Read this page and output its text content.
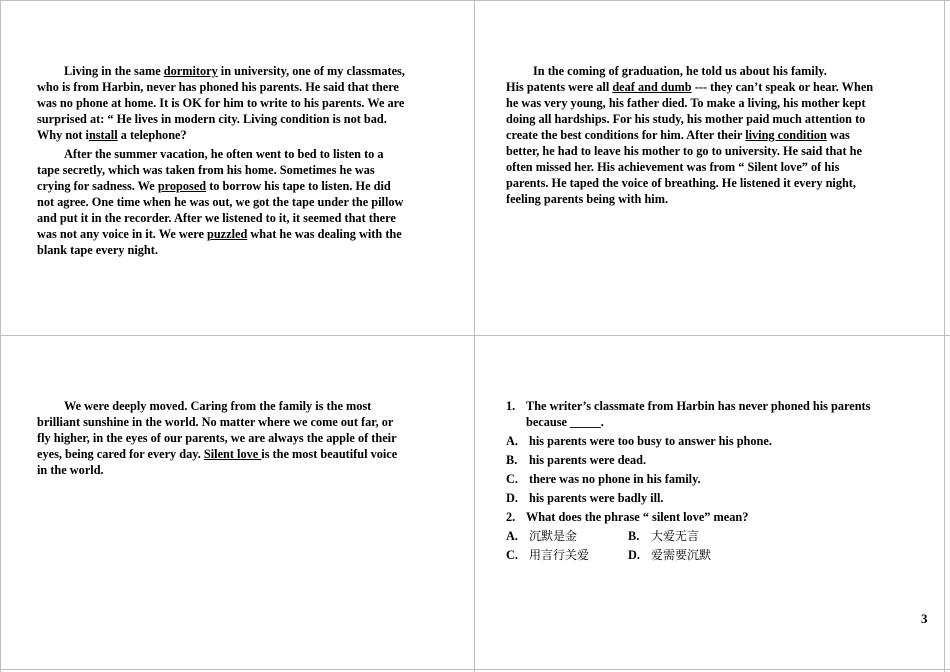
Living in the same dormitory in university, one of my classmates, who is from Harbin, never has phoned his parents. He said that there was no phone at home. It is OK for him to write to his parents. We are surprised at: “ He lives in modern city. Living condition is not bad. Why not install a telephone?

After the summer vacation, he often went to bed to listen to a tape secretly, which was taken from his home. Sometimes he was crying for sadness. We proposed to borrow his tape to listen. He did not agree. One time when he was out, we got the tape under the pillow and put it in the recorder. After we listened to it, it seemed that there was not any voice in it. We were puzzled what he was dealing with the blank tape every night.

In the coming of graduation, he told us about his family.
His patents were all deaf and dumb --- they can’t speak or hear. When he was very young, his father died. To make a living, his mother kept doing all hardships. For his study, his mother paid much attention to create the best conditions for him. After their living condition was better, he had to leave his mother to go to university. He said that he often missed her. His achievement was from “ Silent love” of his parents. He taped the voice of breathing. He listened it every night, feeling parents being with him.

We were deeply moved. Caring from the family is the most brilliant sunshine in the world. No matter where we come out far, or fly higher, in the eyes of our parents, we are always the apple of their eyes, being cared for every day. Silent love is the most beautiful voice in the world.

1. The writer’s classmate from Harbin has never phoned his parents because _____.
A. his parents were too busy to answer his phone.
B. his parents were dead.
C. there was no phone in his family.
D. his parents were badly ill.
2. What does the phrase “ silent love” mean?
A. 沉默是金	B. 大爱无言
C. 用言行关爱	D. 爱需要沉默
3
